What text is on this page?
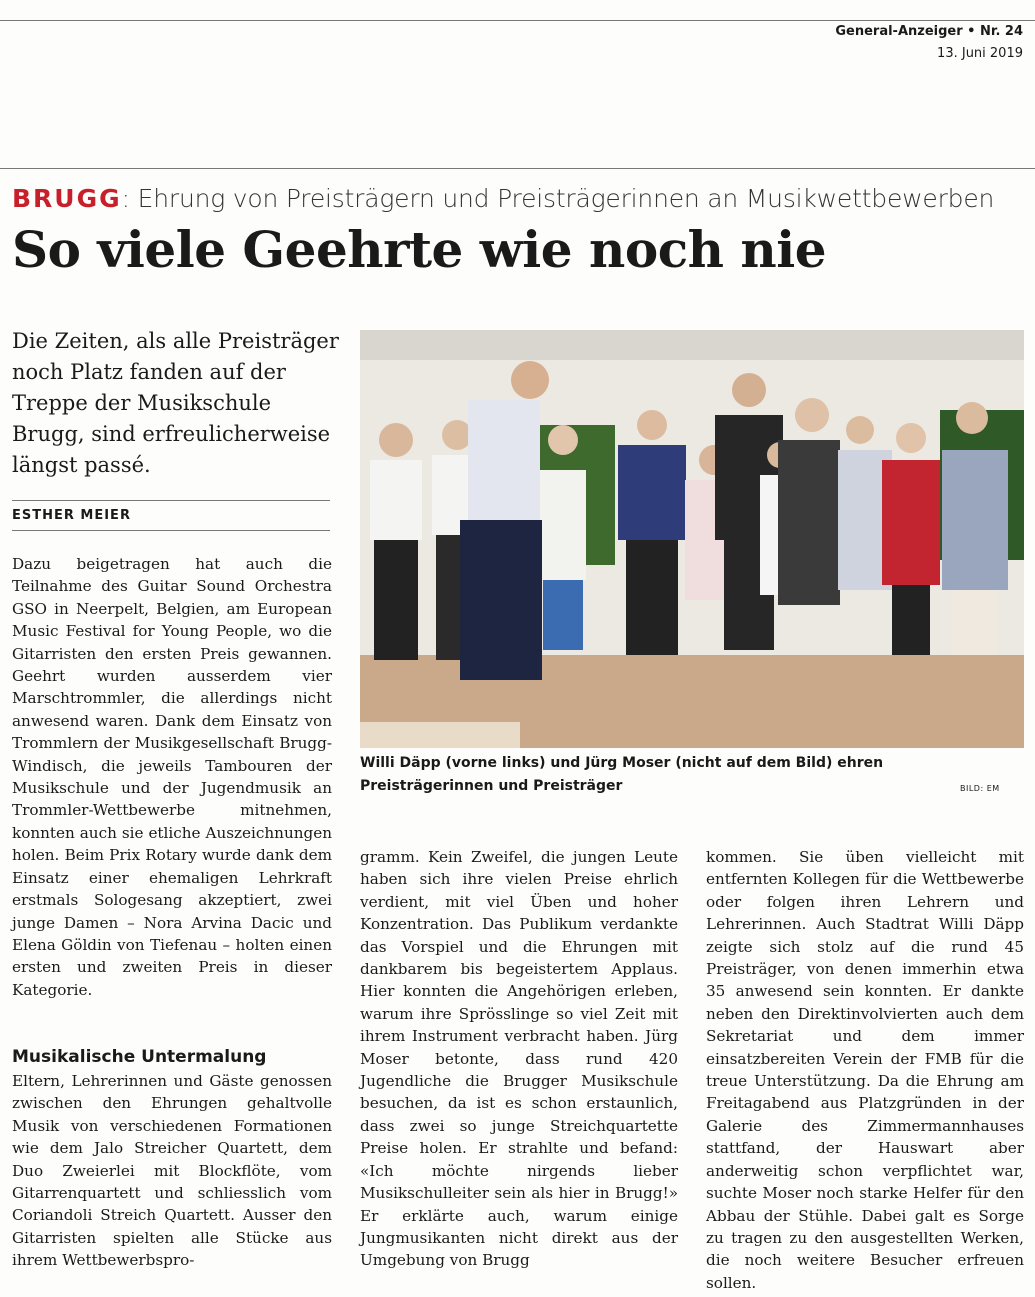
General-Anzeiger • Nr. 24
13. Juni 2019
BRUGG: Ehrung von Preisträgern und Preisträgerinnen an Musikwettbewerben
So viele Geehrte wie noch nie
Die Zeiten, als alle Preisträger noch Platz fanden auf der Treppe der Musikschule Brugg, sind erfreulicherweise längst passé.
ESTHER MEIER
Dazu beigetragen hat auch die Teilnahme des Guitar Sound Orchestra GSO in Neerpelt, Belgien, am European Music Festival for Young People, wo die Gitarristen den ersten Preis gewannen. Geehrt wurden ausserdem vier Marschtrommler, die allerdings nicht anwesend waren. Dank dem Einsatz von Trommlern der Musikgesellschaft Brugg-Windisch, die jeweils Tambouren der Musikschule und der Jugendmusik an Trommler-Wettbewerbe mitnehmen, konnten auch sie etliche Auszeichnungen holen. Beim Prix Rotary wurde dank dem Einsatz einer ehemaligen Lehrkraft erstmals Sologesang akzeptiert, zwei junge Damen – Nora Arvina Dacic und Elena Göldin von Tiefenau – holten einen ersten und zweiten Preis in dieser Kategorie.
Musikalische Untermalung
Eltern, Lehrerinnen und Gäste genossen zwischen den Ehrungen gehaltvolle Musik von verschiedenen Formationen wie dem Jalo Streicher Quartett, dem Duo Zweierlei mit Blockflöte, vom Gitarrenquartett und schliesslich vom Coriandoli Streich Quartett. Ausser den Gitarristen spielten alle Stücke aus ihrem Wettbewerbspro-
Willi Däpp (vorne links) und Jürg Moser (nicht auf dem Bild) ehren Preisträgerinnen und Preisträger	BILD: EM
gramm. Kein Zweifel, die jungen Leute haben sich ihre vielen Preise ehrlich verdient, mit viel Üben und hoher Konzentration. Das Publikum verdankte das Vorspiel und die Ehrungen mit dankbarem bis begeistertem Applaus. Hier konnten die Angehörigen erleben, warum ihre Sprösslinge so viel Zeit mit ihrem Instrument verbracht haben. Jürg Moser betonte, dass rund 420 Jugendliche die Brugger Musikschule besuchen, da ist es schon erstaunlich, dass zwei so junge Streichquartette Preise holen. Er strahlte und befand: «Ich möchte nirgends lieber Musikschulleiter sein als hier in Brugg!» Er erklärte auch, warum einige Jungmusikanten nicht direkt aus der Umgebung von Brugg
kommen. Sie üben vielleicht mit entfernten Kollegen für die Wettbewerbe oder folgen ihren Lehrern und Lehrerinnen. Auch Stadtrat Willi Däpp zeigte sich stolz auf die rund 45 Preisträger, von denen immerhin etwa 35 anwesend sein konnten. Er dankte neben den Direktinvolvierten auch dem Sekretariat und dem immer einsatzbereiten Verein der FMB für die treue Unterstützung. Da die Ehrung am Freitagabend aus Platzgründen in der Galerie des Zimmermannhauses stattfand, der Hauswart aber anderweitig schon verpflichtet war, suchte Moser noch starke Helfer für den Abbau der Stühle. Dabei galt es Sorge zu tragen zu den ausgestellten Werken, die noch weitere Besucher erfreuen sollen.
